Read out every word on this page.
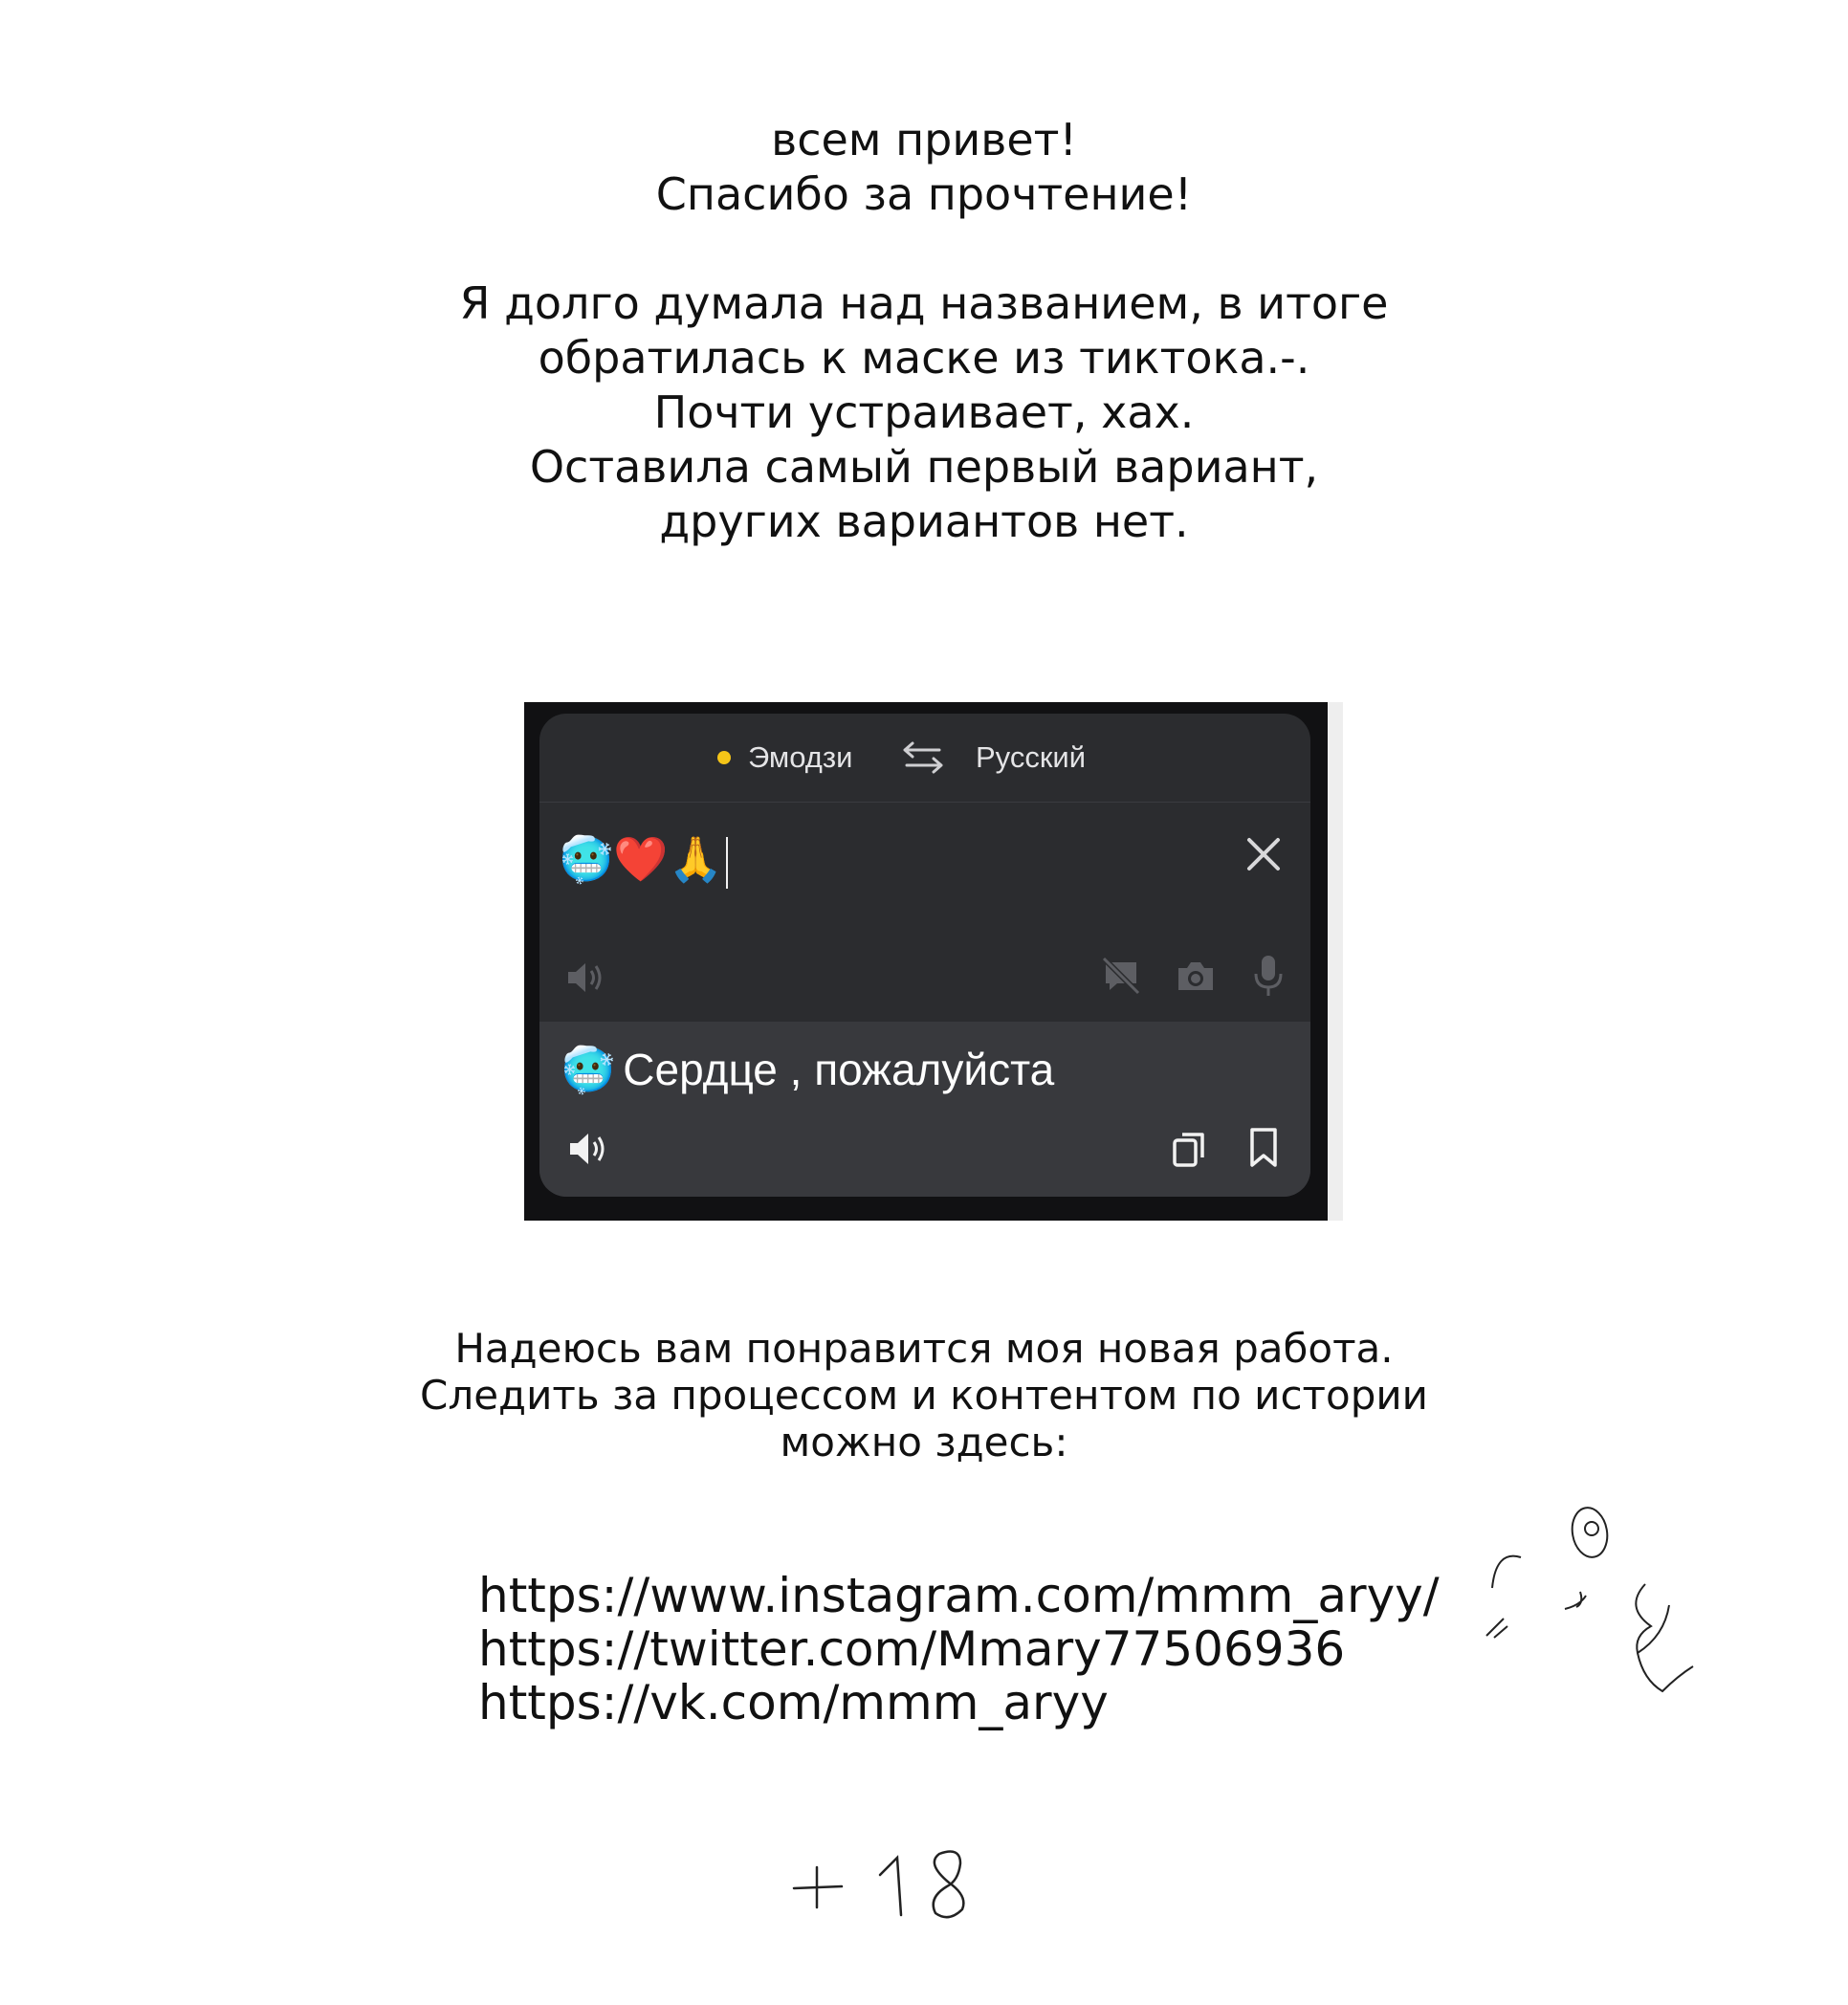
всем привет!
Спасибо за прочтение!
Я долго думала над названием, в итоге
обратилась к маске из тиктока.-.
Почти устраивает, хах.
Оставила самый первый вариант,
других вариантов нет.
Эмодзи	Русский
🥶❤️🙏
🥶 Сердце , пожалуйста
Надеюсь вам понравится моя новая работа.
Следить за процессом и контентом по истории
можно здесь:
https://www.instagram.com/mmm_aryy/
https://twitter.com/Mmary77506936
https://vk.com/mmm_aryy
+18
